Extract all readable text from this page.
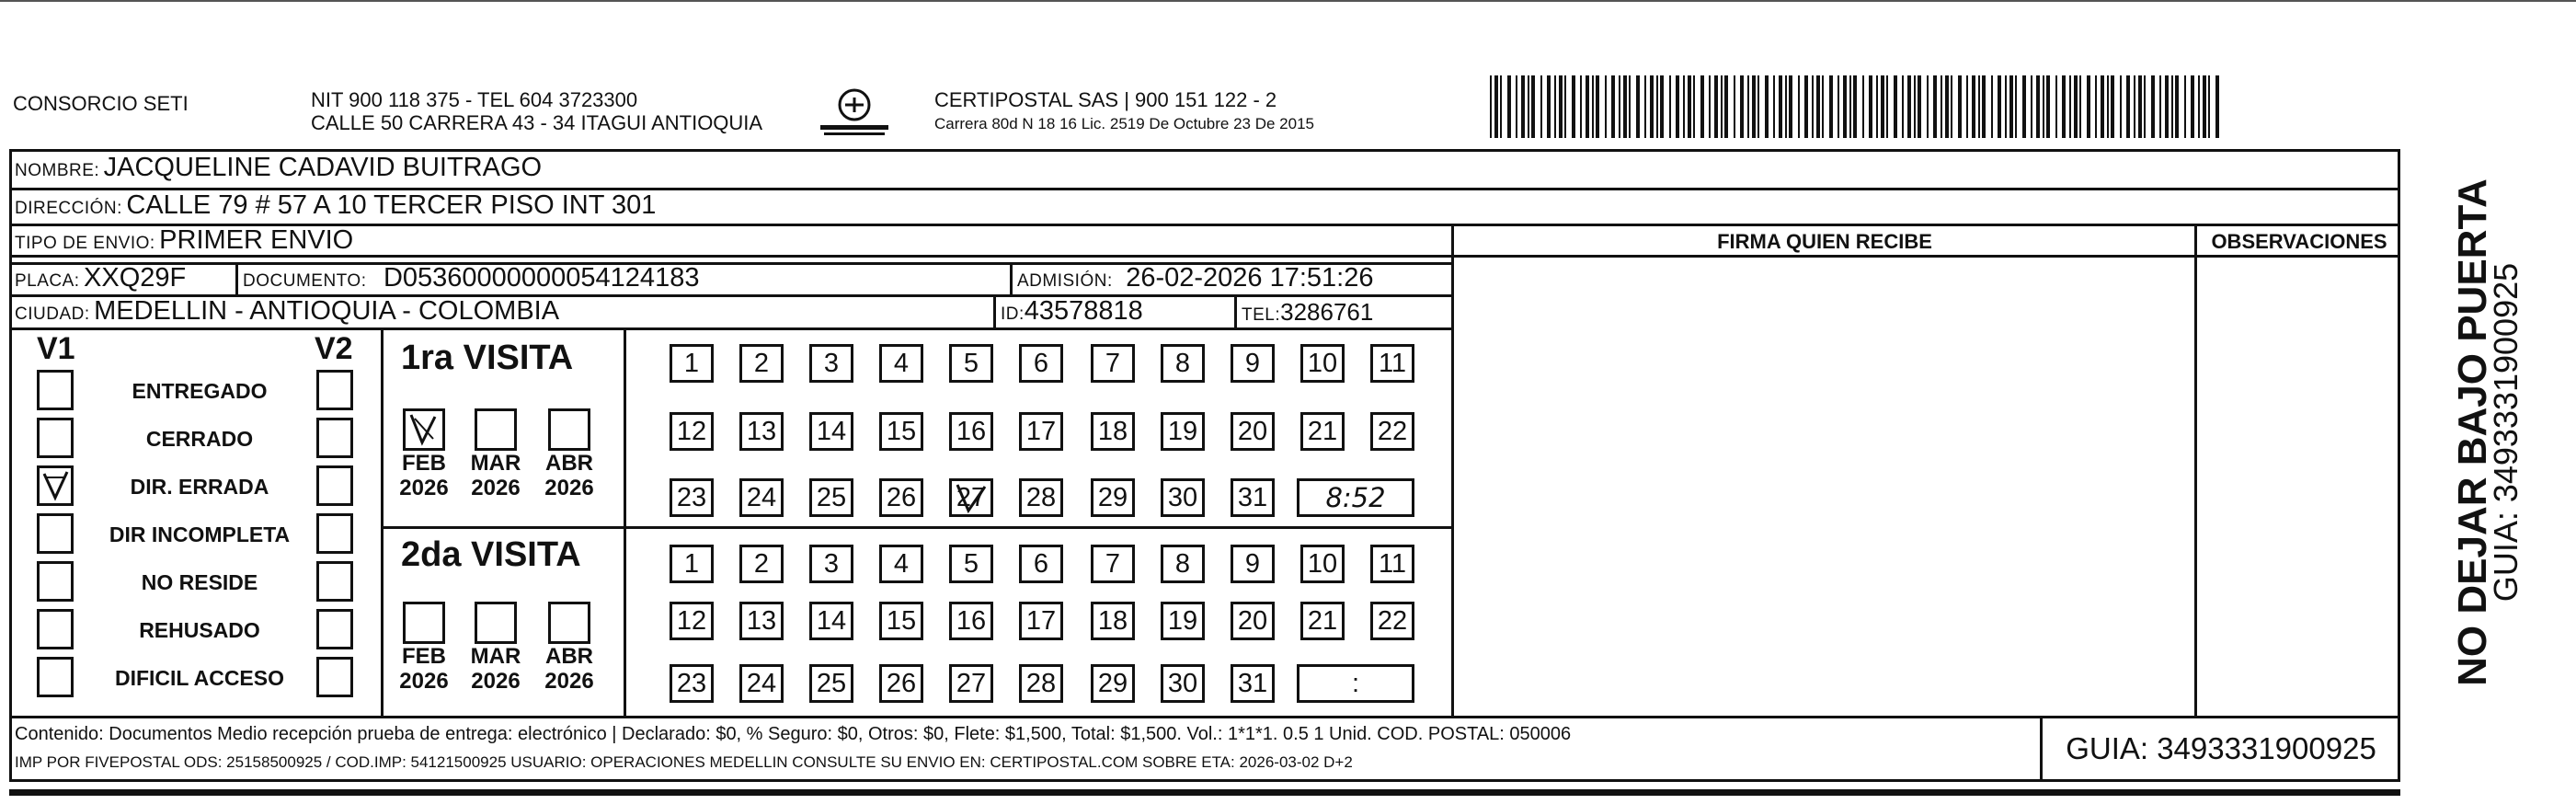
CONSORCIO SETI	NIT 900 118 375 - TEL 604 3723300
CALLE 50 CARRERA 43 - 34 ITAGUI ANTIOQUIA
CERTIPOSTAL SAS | 900 151 122 - 2
Carrera 80d N 18 16 Lic. 2519 De Octubre 23 De 2015
NOMBRE: JACQUELINE CADAVID BUITRAGO
DIRECCIÓN: CALLE 79 # 57 A 10 TERCER PISO INT 301
TIPO DE ENVIO: PRIMER ENVIO
PLACA: XXQ29F	DOCUMENTO: D05360000000054124183	ADMISIÓN: 26-02-2026 17:51:26
CIUDAD: MEDELLIN - ANTIOQUIA - COLOMBIA	ID:43578818	TEL:3286761
FIRMA QUIEN RECIBE	OBSERVACIONES
V1	V2
ENTREGADO
CERRADO
DIR. ERRADA
DIR INCOMPLETA
NO RESIDE
REHUSADO
DIFICIL ACCESO
1ra VISITA
2da VISITA
FEB
2026
MAR
2026
ABR
2026
FEB
2026
MAR
2026
ABR
2026
1	2	3	4	5	6	7	8	9	10	11
12 13 14 15 16 17 18 19 20 21 22
23 24 25 26 27 28 29 30 31	8:52
1	2	3	4	5	6	7	8	9	10	11
12 13 14 15 16 17 18 19 20 21 22
23 24 25 26 27 28 29 30 31	:
Contenido: Documentos Medio recepción prueba de entrega: electrónico | Declarado: $0, % Seguro: $0, Otros: $0, Flete: $1,500, Total: $1,500. Vol.: 1*1*1. 0.5 1 Unid. COD. POSTAL: 050006
IMP POR FIVEPOSTAL ODS: 25158500925 / COD.IMP: 54121500925 USUARIO: OPERACIONES MEDELLIN CONSULTE SU ENVIO EN: CERTIPOSTAL.COM SOBRE ETA: 2026-03-02 D+2	GUIA: 3493331900925
NO DEJAR BAJO PUERTA
GUIA: 3493331900925
